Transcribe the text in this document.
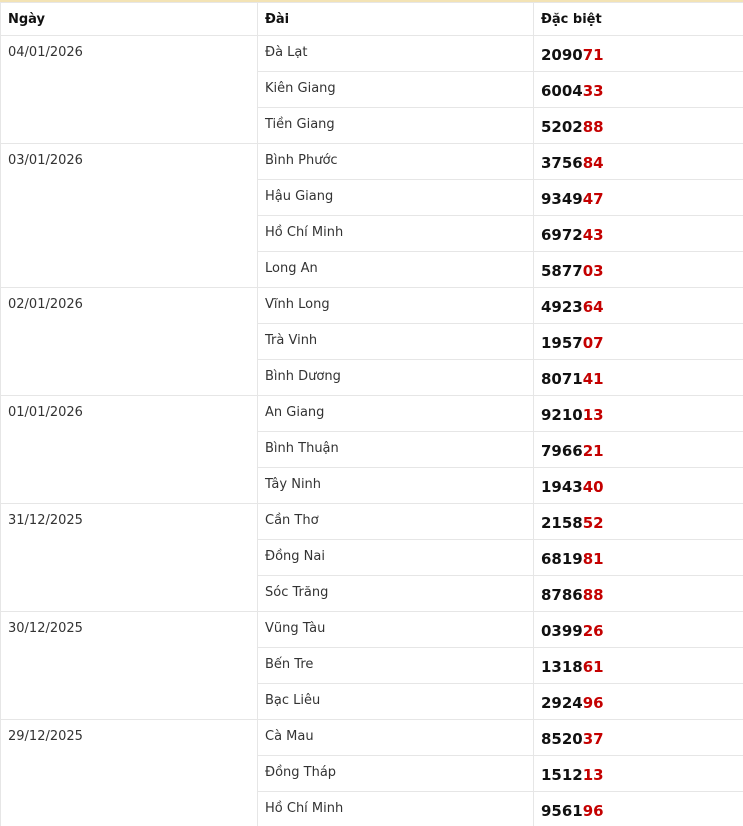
Ngày	Đài	Đặc biệt
04/01/2026	Đà Lạt	209071
	Kiên Giang	600433
	Tiền Giang	520288
03/01/2026	Bình Phước	375684
	Hậu Giang	934947
	Hồ Chí Minh	697243
	Long An	587703
02/01/2026	Vĩnh Long	492364
	Trà Vinh	195707
	Bình Dương	807141
01/01/2026	An Giang	921013
	Bình Thuận	796621
	Tây Ninh	194340
31/12/2025	Cần Thơ	215852
	Đồng Nai	681981
	Sóc Trăng	878688
30/12/2025	Vũng Tàu	039926
	Bến Tre	131861
	Bạc Liêu	292496
29/12/2025	Cà Mau	852037
	Đồng Tháp	151213
	Hồ Chí Minh	956196
